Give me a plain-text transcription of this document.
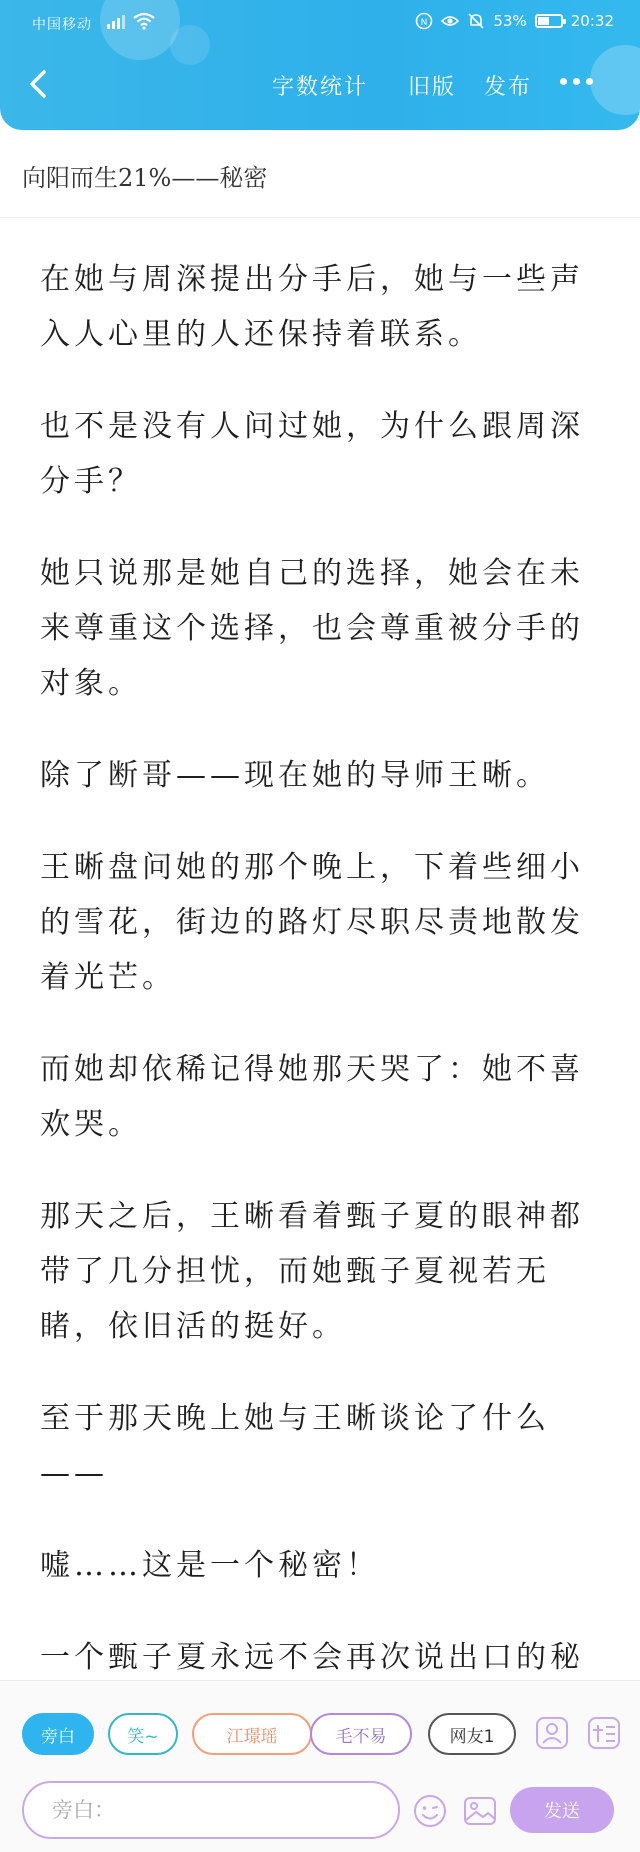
中国移动	N	53%	20:32
字数统计 旧版 发布
向阳而生21%——秘密

在她与周深提出分手后，她与一些声入人心里的人还保持着联系。

也不是没有人问过她，为什么跟周深分手？

她只说那是她自己的选择，她会在未来尊重这个选择，也会尊重被分手的对象。

除了断哥——现在她的导师王晰。

王晰盘问她的那个晚上，下着些细小的雪花，街边的路灯尽职尽责地散发着光芒。

而她却依稀记得她那天哭了：她不喜欢哭。

那天之后，王晰看着甄子夏的眼神都带了几分担忧，而她甄子夏视若无睹，依旧活的挺好。

至于那天晚上她与王晰谈论了什么——

嘘……这是一个秘密！

一个甄子夏永远不会再次说出口的秘

旁白	笑~	江璟瑶	毛不易	网友1
旁白：	发送
